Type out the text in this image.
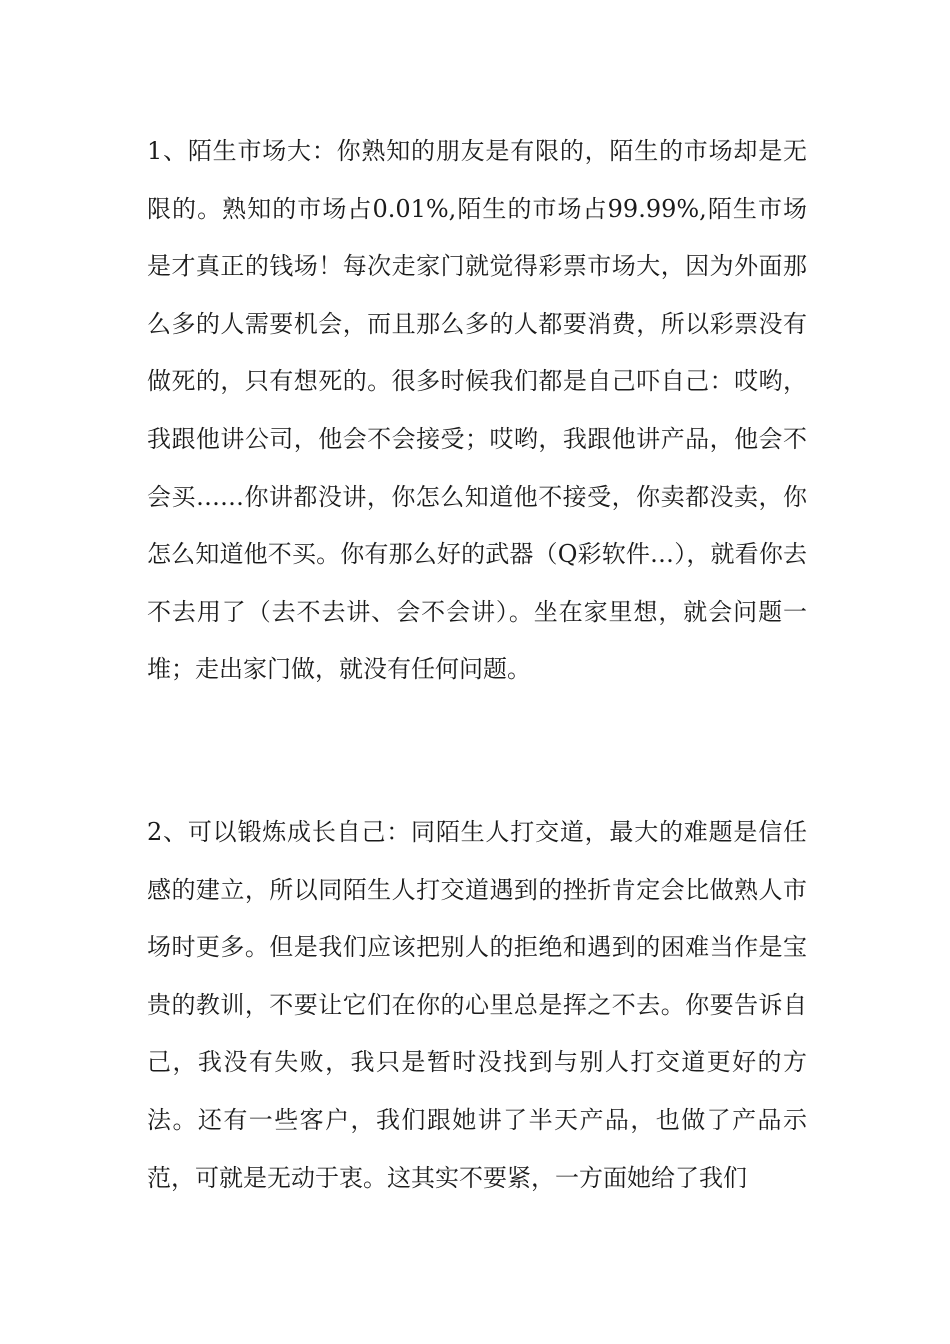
1、陌生市场大：你熟知的朋友是有限的，陌生的市场却是无限的。熟知的市场占0.01%,陌生的市场占99.99%,陌生市场是才真正的钱场！每次走家门就觉得彩票市场大，因为外面那么多的人需要机会，而且那么多的人都要消费，所以彩票没有做死的，只有想死的。很多时候我们都是自己吓自己：哎哟，我跟他讲公司，他会不会接受；哎哟，我跟他讲产品，他会不会买……你讲都没讲，你怎么知道他不接受，你卖都没卖，你怎么知道他不买。你有那么好的武器（Q彩软件…），就看你去不去用了（去不去讲、会不会讲）。坐在家里想，就会问题一堆；走出家门做，就没有任何问题。

2、可以锻炼成长自己：同陌生人打交道，最大的难题是信任感的建立，所以同陌生人打交道遇到的挫折肯定会比做熟人市场时更多。但是我们应该把别人的拒绝和遇到的困难当作是宝贵的教训，不要让它们在你的心里总是挥之不去。你要告诉自己，我没有失败，我只是暂时没找到与别人打交道更好的方法。还有一些客户，我们跟她讲了半天产品，也做了产品示范，可就是无动于衷。这其实不要紧，一方面她给了我们
